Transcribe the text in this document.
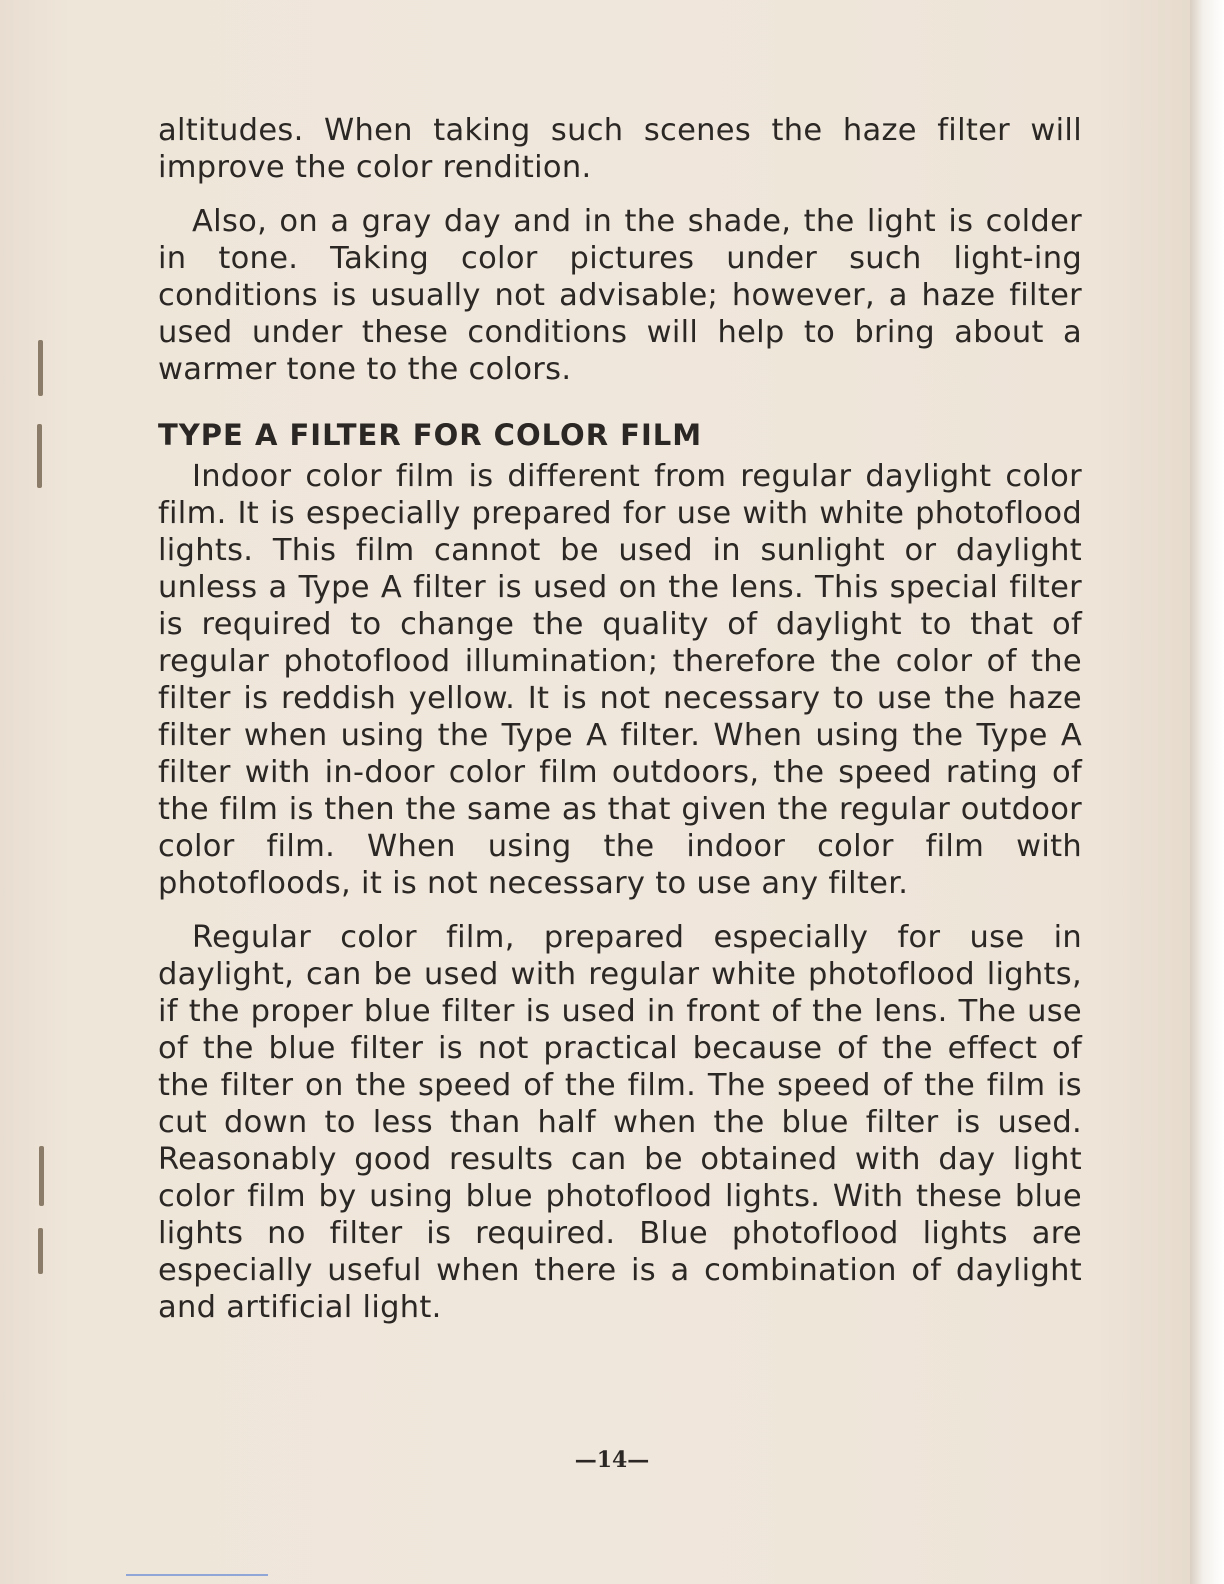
altitudes. When taking such scenes the haze filter will improve the color rendition.

Also, on a gray day and in the shade, the light is colder in tone. Taking color pictures under such light-ing conditions is usually not advisable; however, a haze filter used under these conditions will help to bring about a warmer tone to the colors.

TYPE A FILTER FOR COLOR FILM

Indoor color film is different from regular daylight color film. It is especially prepared for use with white photoflood lights. This film cannot be used in sunlight or daylight unless a Type A filter is used on the lens. This special filter is required to change the quality of daylight to that of regular photoflood illumination; therefore the color of the filter is reddish yellow. It is not necessary to use the haze filter when using the Type A filter. When using the Type A filter with in-door color film outdoors, the speed rating of the film is then the same as that given the regular outdoor color film. When using the indoor color film with photofloods, it is not necessary to use any filter.

Regular color film, prepared especially for use in daylight, can be used with regular white photoflood lights, if the proper blue filter is used in front of the lens. The use of the blue filter is not practical because of the effect of the filter on the speed of the film. The speed of the film is cut down to less than half when the blue filter is used. Reasonably good results can be obtained with day light color film by using blue photoflood lights. With these blue lights no filter is required. Blue photoflood lights are especially useful when there is a combination of daylight and artificial light.

—14—
